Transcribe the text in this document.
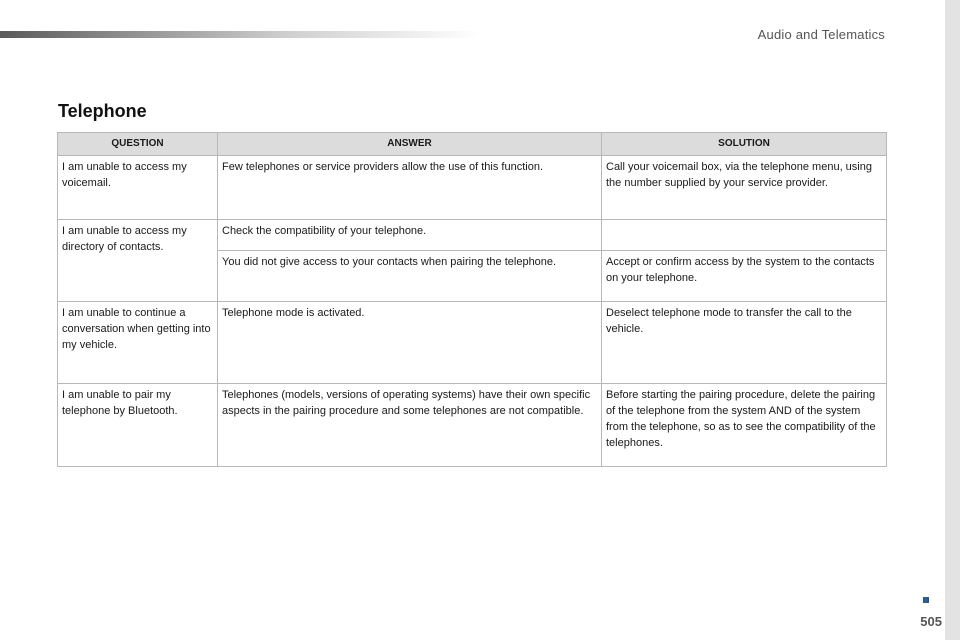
Audio and Telematics
Telephone
QUESTION	ANSWER	SOLUTION
I am unable to access my voicemail.	Few telephones or service providers allow the use of this function.	Call your voicemail box, via the telephone menu, using the number supplied by your service provider.
I am unable to access my directory of contacts.	Check the compatibility of your telephone.	
	You did not give access to your contacts when pairing the telephone.	Accept or confirm access by the system to the contacts on your telephone.
I am unable to continue a conversation when getting into my vehicle.	Telephone mode is activated.	Deselect telephone mode to transfer the call to the vehicle.
I am unable to pair my telephone by Bluetooth.	Telephones (models, versions of operating systems) have their own specific aspects in the pairing procedure and some telephones are not compatible.	Before starting the pairing procedure, delete the pairing of the telephone from the system AND of the system from the telephone, so as to see the compatibility of the telephones.
505
